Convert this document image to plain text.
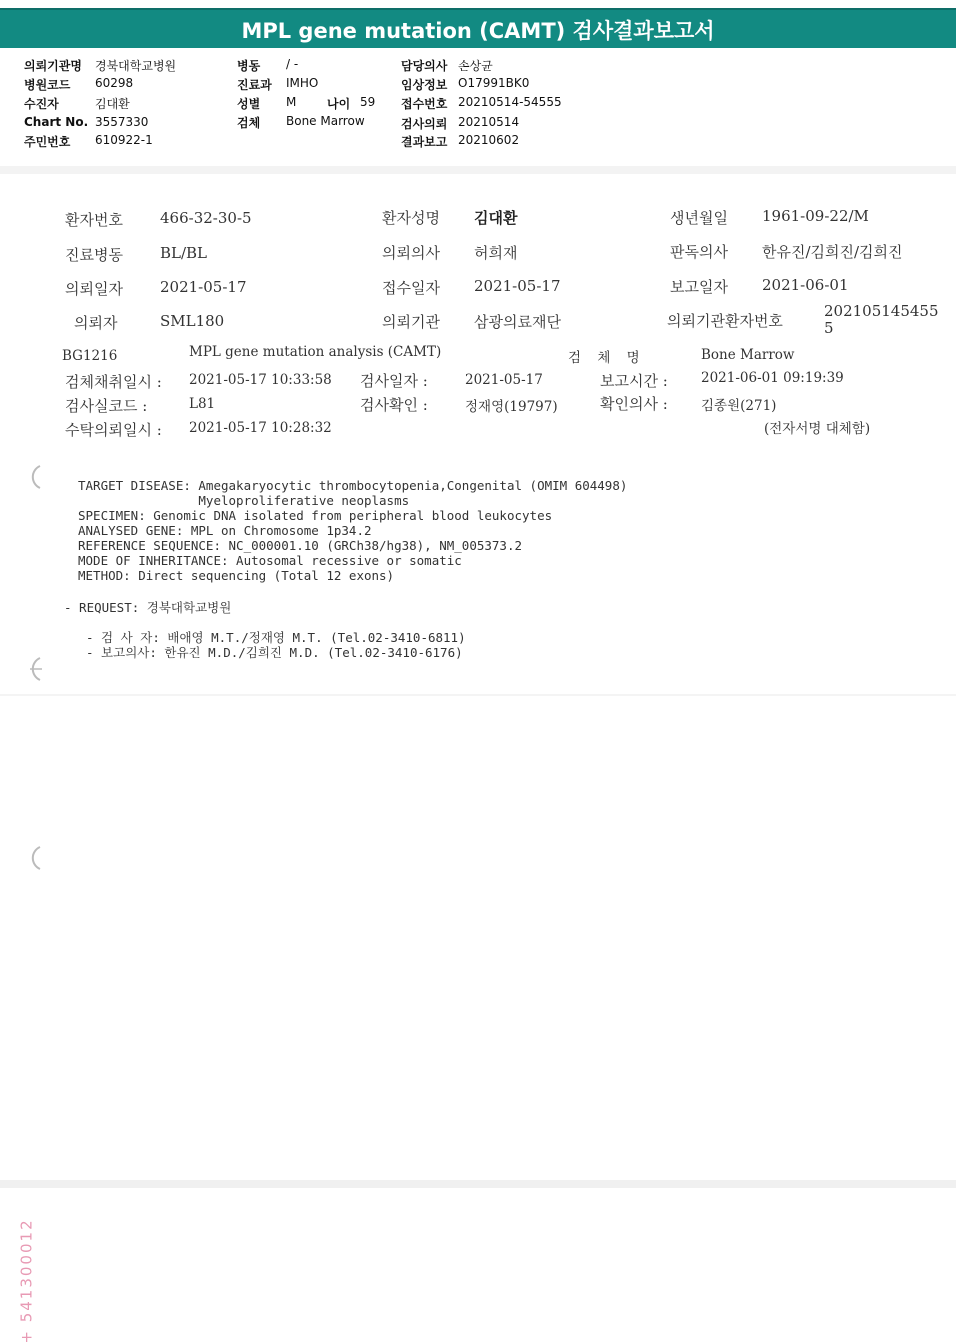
MPL gene mutation (CAMT) 검사결과보고서
의뢰기관명 경북대학교병원
병원코드 60298
수진자	김대환
Chart No. 3557330
주민번호 610922-1
병동 / -
진료과 IMHO
성별 M	나이 59
검체 Bone Marrow
담당의사 손상균
임상정보 O17991BK0
접수번호 20210514-54555
검사의뢰 20210514
결과보고 20210602
환자번호 466-32-30-5	환자성명 김대환	생년월일 1961-09-22/M
진료병동 BL/BL	의뢰의사 허희재	판독의사 한유진/김희진/김희진
의뢰일자 2021-05-17	접수일자 2021-05-17	보고일자 2021-06-01
의뢰자	SML180	의뢰기관 삼광의료재단	의뢰기관환자번호
202105145455
5
BG1216	MPL gene mutation analysis (CAMT)	검 체 명	Bone Marrow
검체채취일시 : 2021-05-17 10:33:58 검사일자 :	2021-05-17	보고시간 : 2021-06-01 09:19:39
검사실코드 :	L81	검사확인 :	정재영(19797)	확인의사 : 김종원(271)
수탁의뢰일시 : 2021-05-17 10:28:32	(전자서명 대체함)
TARGET DISEASE: Amegakaryocytic thrombocytopenia,Congenital (OMIM 604498)
Myeloproliferative neoplasms
SPECIMEN: Genomic DNA isolated from peripheral blood leukocytes
ANALYSED GENE: MPL on Chromosome 1p34.2
REFERENCE SEQUENCE: NC_000001.10 (GRCh38/hg38), NM_005373.2
MODE OF INHERITANCE: Autosomal recessive or somatic
METHOD: Direct sequencing (Total 12 exons)
- REQUEST: 경북대학교병원
- 검 사 자: 배애영 M.T./정재영 M.T. (Tel.02-3410-6811)
- 보고의사: 한유진 M.D./김희진 M.D. (Tel.02-3410-6176)
+ 541300012
